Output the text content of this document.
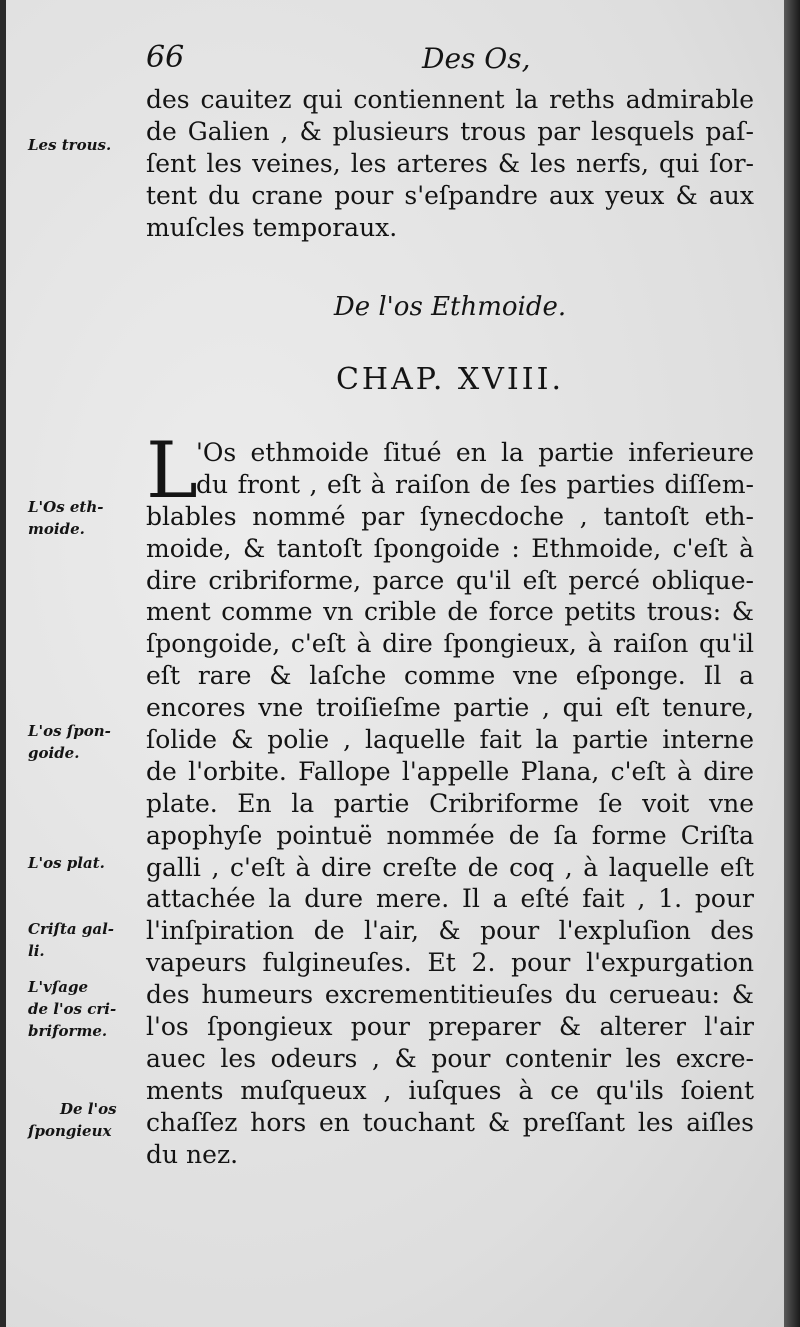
66	Des Os,
des cauitez qui contiennent la reths admirable
de Galien , & plusieurs trous par lesquels paſ-
ſent les veines, les arteres & les nerfs, qui ſor-
tent du crane pour s'eſpandre aux yeux & aux
muſcles temporaux.
De l'os Ethmoide.
CHAP. XVIII.
L
'Os ethmoide ſitué en la partie inferieure
du front , eſt à raiſon de ſes parties diſſem-
blables nommé par ſynecdoche , tantoſt eth-
moide, & tantoſt ſpongoide : Ethmoide, c'eſt à
dire cribriforme, parce qu'il eſt percé oblique-
ment comme vn crible de force petits trous: &
ſpongoide, c'eſt à dire ſpongieux, à raiſon qu'il
eſt rare & laſche comme vne eſponge. Il a
encores vne troiſieſme partie , qui eſt tenure,
ſolide & polie , laquelle fait la partie interne
de l'orbite. Fallope l'appelle Plana, c'eſt à dire
plate. En la partie Cribriforme ſe voit vne
apophyſe pointuë nommée de ſa forme Criſta
galli , c'eſt à dire creſte de coq , à laquelle eſt
attachée la dure mere. Il a eſté fait , 1. pour
l'inſpiration de l'air, & pour l'expluſion des
vapeurs fulgineuſes. Et 2. pour l'expurgation
des humeurs excrementitieuſes du cerueau: &
l'os ſpongieux pour preparer & alterer l'air
auec les odeurs , & pour contenir les excre-
ments muſqueux , iuſques à ce qu'ils ſoient
chaſſez hors en touchant & preſſant les aiſles
du nez.
Les trous.
L'Os eth-
moide.
L'os ſpon-
goide.
L'os plat.
Criſta gal-
li.
L'vſage
de l'os cri-
briforme.
De l'os
ſpongieux
